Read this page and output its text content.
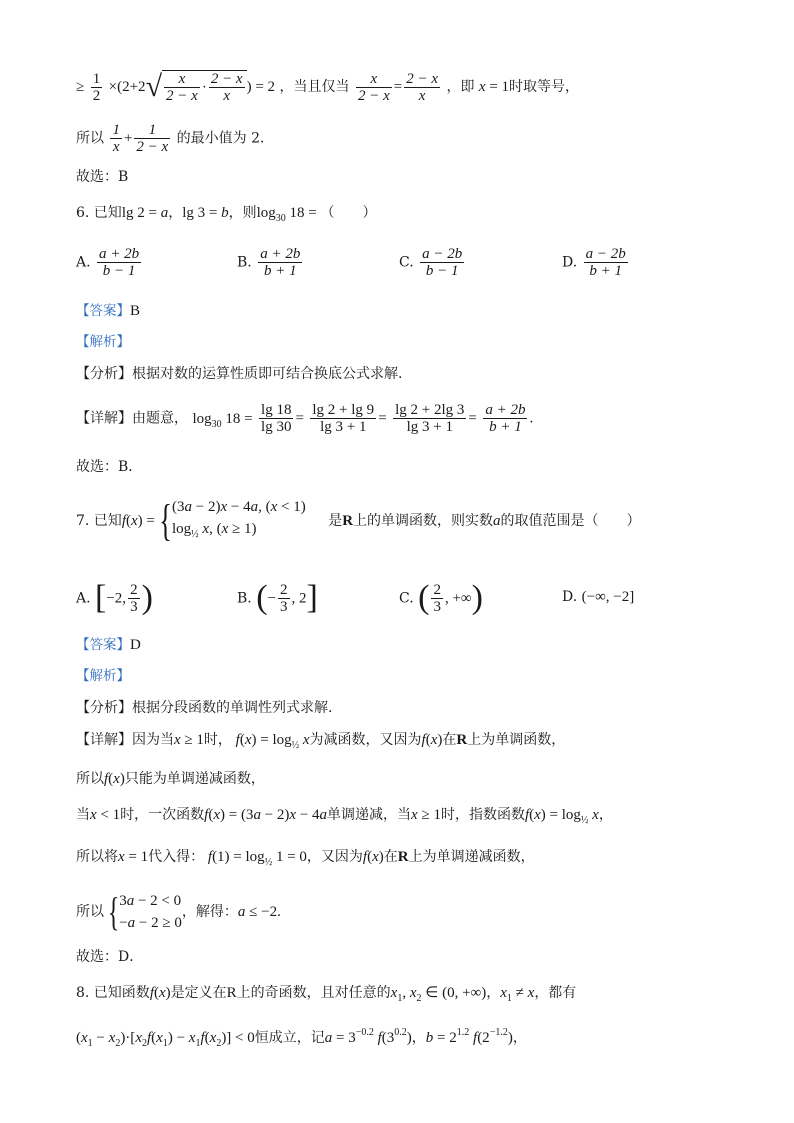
≥ $\frac{1}{2} \times(2+2√ \frac{x}{2 - x} \cdot \frac{2 - x}{x}$ ) = 2 ，当且仅当 $\frac{x}{2 - x} = \frac{2 - x}{x}$ ，即 x = 1时取等号，
所以 $\frac{1}{x} + \frac{1}{2 - x}$ 的最小值为 2．
故选：B
6. 已知lg 2 = a，lg 3 = b，则$\log_{30} 18$ = （　　）
A. $\frac{a + 2b}{b - 1}$	B. $\frac{a + 2b}{b + 1}$	C. $\frac{a - 2b}{b - 1}$	D. $\frac{a - 2b}{b + 1}$
【答案】B
【解析】
【分析】根据对数的运算性质即可结合换底公式求解.
【详解】由题意， $\log_{30} 18 = \frac{\lg 18}{\lg 30} = \frac{\lg 2 + \lg 9}{\lg 3 + 1} = \frac{\lg 2 + 2\lg 3}{\lg 3 + 1} = \frac{a + 2b}{b + 1}$ .
故选：B．
7. 已知f(x) ={ (3a − 2)x − 4a, (x < 1)
$\log_{\frac{1}{2}} x$, (x ≥ 1)	是R上的单调函数，则实数a的取值范围是（　　）
A. [−2, $\frac{2}{3}$ )	B. (− $\frac{2}{3}$ , 2]	C. ( $\frac{2}{3}$ , +∞)	D. (−∞, −2]
【答案】D
【解析】
【分析】根据分段函数的单调性列式求解.
【详解】因为当x ≥ 1时， $f(x) = \log_{\frac{1}{2}} x$为减函数，又因为f(x)在R上为单调函数，
所以f(x)只能为单调递减函数，
当x < 1时，一次函数f(x) = (3a − 2)x − 4a单调递减，当x ≥ 1时，指数函数$f(x) = \log_{\frac{1}{2}} x$，
所以将x = 1代入得： $f(1) = \log_{\frac{1}{2}} 1 = 0$，又因为f(x)在R上为单调递减函数，
所以{ 3a − 2 < 0
−a − 2 ≥ 0
，解得：a ≤ −2.
故选：D．
8. 已知函数f(x)是定义在R上的奇函数，且对任意的$x_1$, $x_2$ ∈ (0, +∞)，$x_1 \ne x$，都有
$(x_1 - x_2)\cdot[x_2f(x_1) - x_1f(x_2)] < 0$恒成立，记$a = 3^{-0.2}$ $f(3^{0.2})$，$b = 2^{1.2}$ $f(2^{-1.2})$，
